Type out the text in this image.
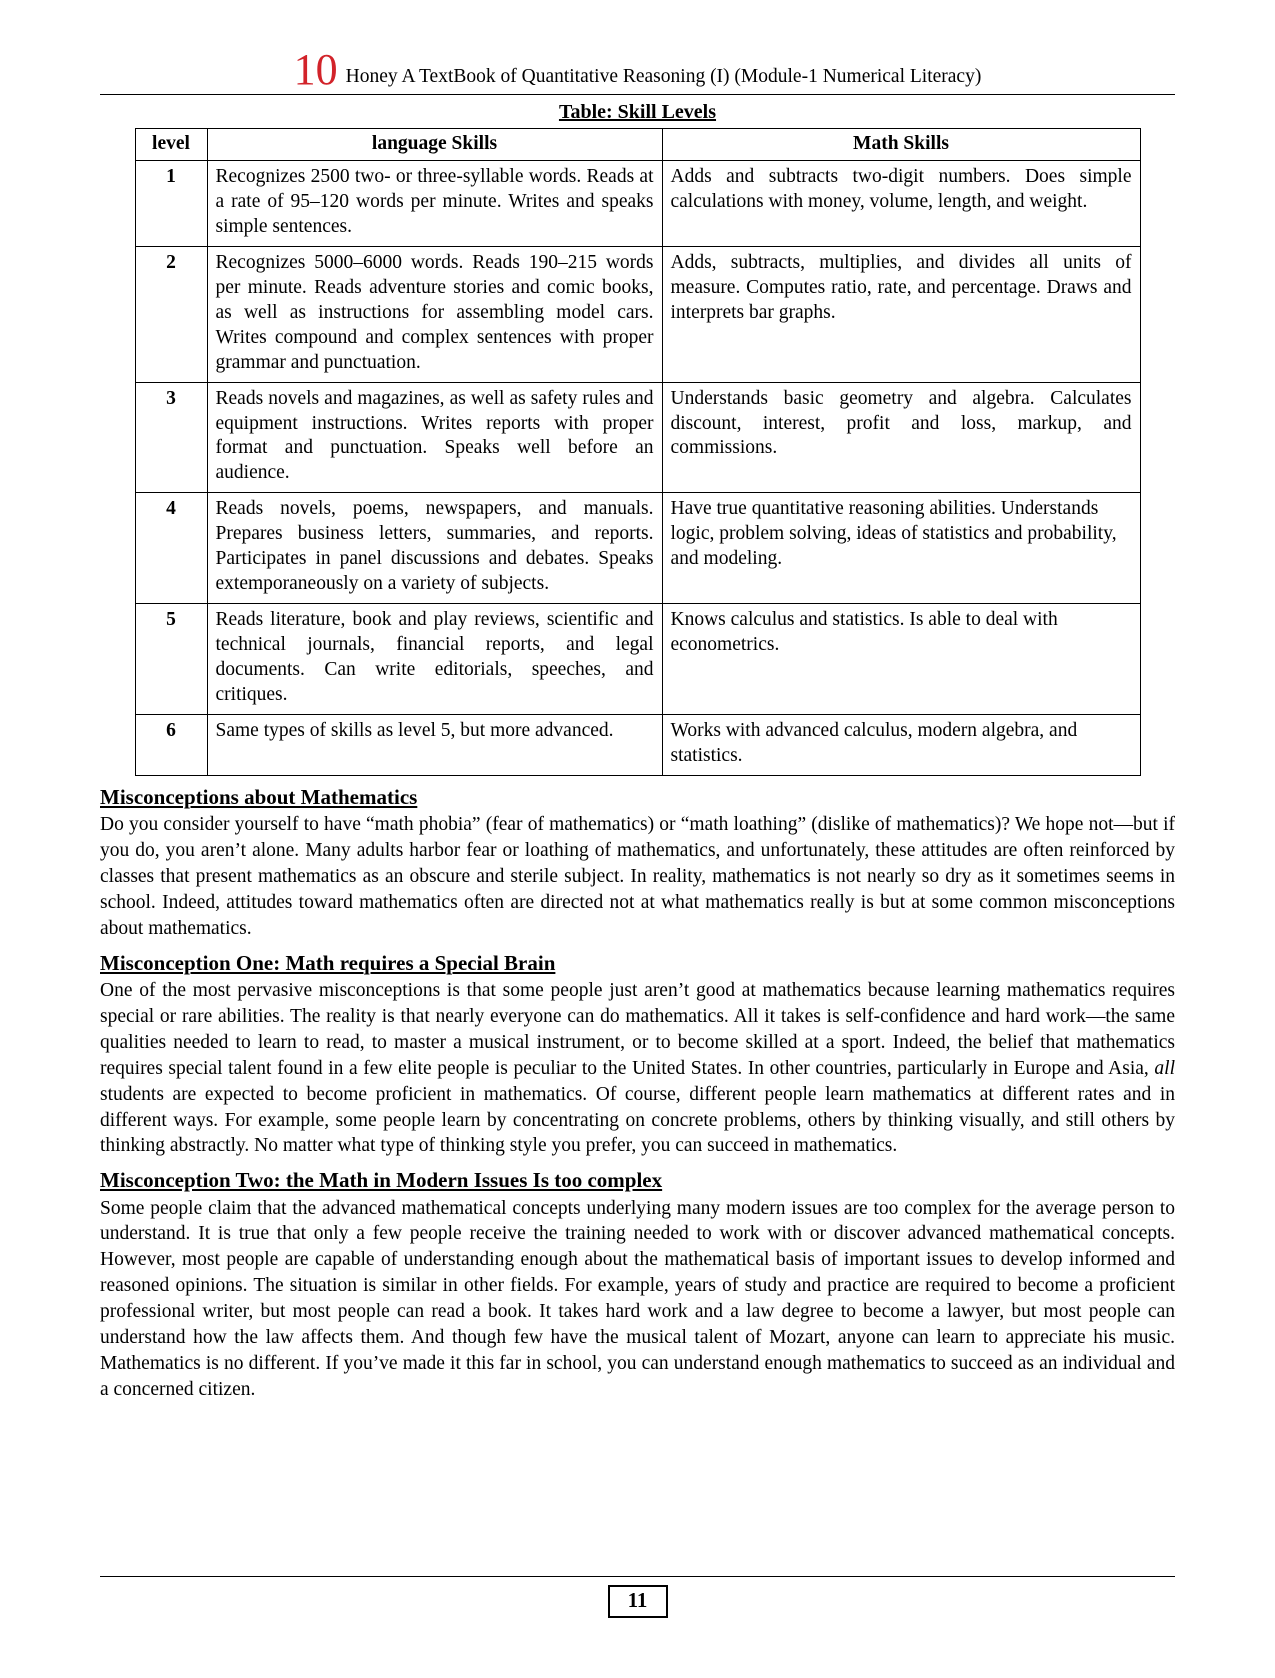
10 Honey A TextBook of Quantitative Reasoning (I) (Module-1 Numerical Literacy)
Table: Skill Levels
level	language Skills	Math Skills
1	Recognizes 2500 two- or three-syllable words. Reads at a rate of 95–120 words per minute. Writes and speaks simple sentences.	Adds and subtracts two-digit numbers. Does simple calculations with money, volume, length, and weight.
2	Recognizes 5000–6000 words. Reads 190–215 words per minute. Reads adventure stories and comic books, as well as instructions for assembling model cars. Writes compound and complex sentences with proper grammar and punctuation.	Adds, subtracts, multiplies, and divides all units of measure. Computes ratio, rate, and percentage. Draws and interprets bar graphs.
3	Reads novels and magazines, as well as safety rules and equipment instructions. Writes reports with proper format and punctuation. Speaks well before an audience.	Understands basic geometry and algebra. Calculates discount, interest, profit and loss, markup, and commissions.
4	Reads novels, poems, newspapers, and manuals. Prepares business letters, summaries, and reports. Participates in panel discussions and debates. Speaks extemporaneously on a variety of subjects.	Have true quantitative reasoning abilities. Understands logic, problem solving, ideas of statistics and probability, and modeling.
5	Reads literature, book and play reviews, scientific and technical journals, financial reports, and legal documents. Can write editorials, speeches, and critiques.	Knows calculus and statistics. Is able to deal with econometrics.
6	Same types of skills as level 5, but more advanced.	Works with advanced calculus, modern algebra, and statistics.
Misconceptions about Mathematics

Do you consider yourself to have “math phobia” (fear of mathematics) or “math loathing” (dislike of mathematics)? We hope not—but if you do, you aren’t alone. Many adults harbor fear or loathing of mathematics, and unfortunately, these attitudes are often reinforced by classes that present mathematics as an obscure and sterile subject. In reality, mathematics is not nearly so dry as it sometimes seems in school. Indeed, attitudes toward mathematics often are directed not at what mathematics really is but at some common misconceptions about mathematics.

Misconception One: Math requires a Special Brain

One of the most pervasive misconceptions is that some people just aren’t good at mathematics because learning mathematics requires special or rare abilities. The reality is that nearly everyone can do mathematics. All it takes is self-confidence and hard work—the same qualities needed to learn to read, to master a musical instrument, or to become skilled at a sport. Indeed, the belief that mathematics requires special talent found in a few elite people is peculiar to the United States. In other countries, particularly in Europe and Asia, all students are expected to become proficient in mathematics. Of course, different people learn mathematics at different rates and in different ways. For example, some people learn by concentrating on concrete problems, others by thinking visually, and still others by thinking abstractly. No matter what type of thinking style you prefer, you can succeed in mathematics.

Misconception Two: the Math in Modern Issues Is too complex

Some people claim that the advanced mathematical concepts underlying many modern issues are too complex for the average person to understand. It is true that only a few people receive the training needed to work with or discover advanced mathematical concepts. However, most people are capable of understanding enough about the mathematical basis of important issues to develop informed and reasoned opinions. The situation is similar in other fields. For example, years of study and practice are required to become a proficient professional writer, but most people can read a book. It takes hard work and a law degree to become a lawyer, but most people can understand how the law affects them. And though few have the musical talent of Mozart, anyone can learn to appreciate his music. Mathematics is no different. If you’ve made it this far in school, you can understand enough mathematics to succeed as an individual and a concerned citizen.

11
